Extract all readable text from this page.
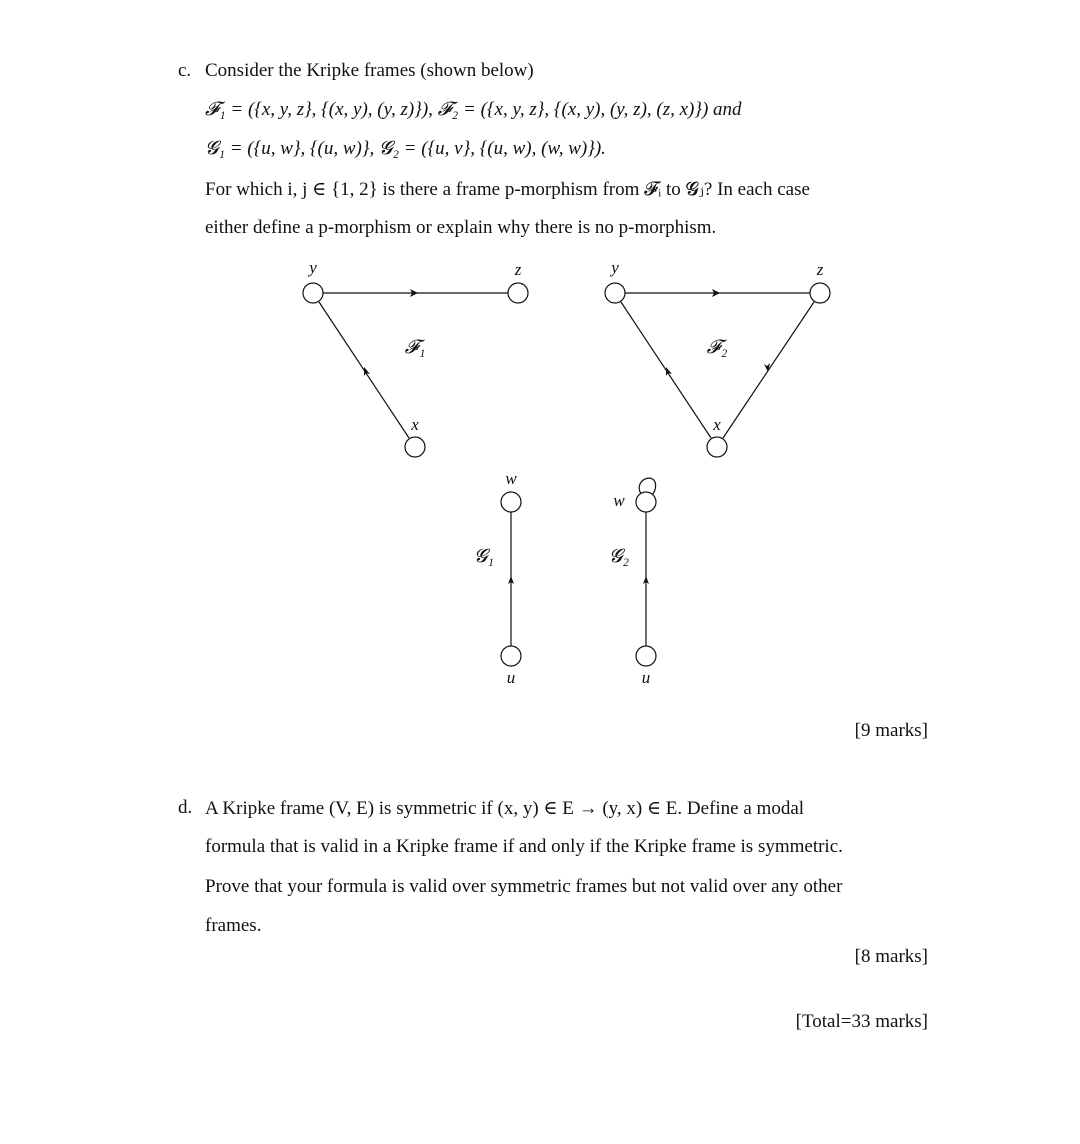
c. Consider the Kripke frames (shown below)
𝓕₁ = ({x, y, z}, {(x, y), (y, z)}), 𝓕₂ = ({x, y, z}, {(x, y), (y, z), (z, x)}) and
𝓖₁ = ({u, w}, {(u, w)}, 𝓖₂ = ({u, v}, {(u, w), (w, w)}).
For which i, j ∈ {1, 2} is there a frame p-morphism from 𝓕ᵢ to 𝓖ⱼ? In each case
either define a p-morphism or explain why there is no p-morphism.
y	z
x
𝓕₁
y	z
x
𝓕₂
w
u
𝓖₁
w
u
𝓖₂
[9 marks]
d. A Kripke frame (V, E) is symmetric if (x, y) ∈ E → (y, x) ∈ E. Define a modal
formula that is valid in a Kripke frame if and only if the Kripke frame is symmetric.
Prove that your formula is valid over symmetric frames but not valid over any other
frames.
[8 marks]
[Total=33 marks]
